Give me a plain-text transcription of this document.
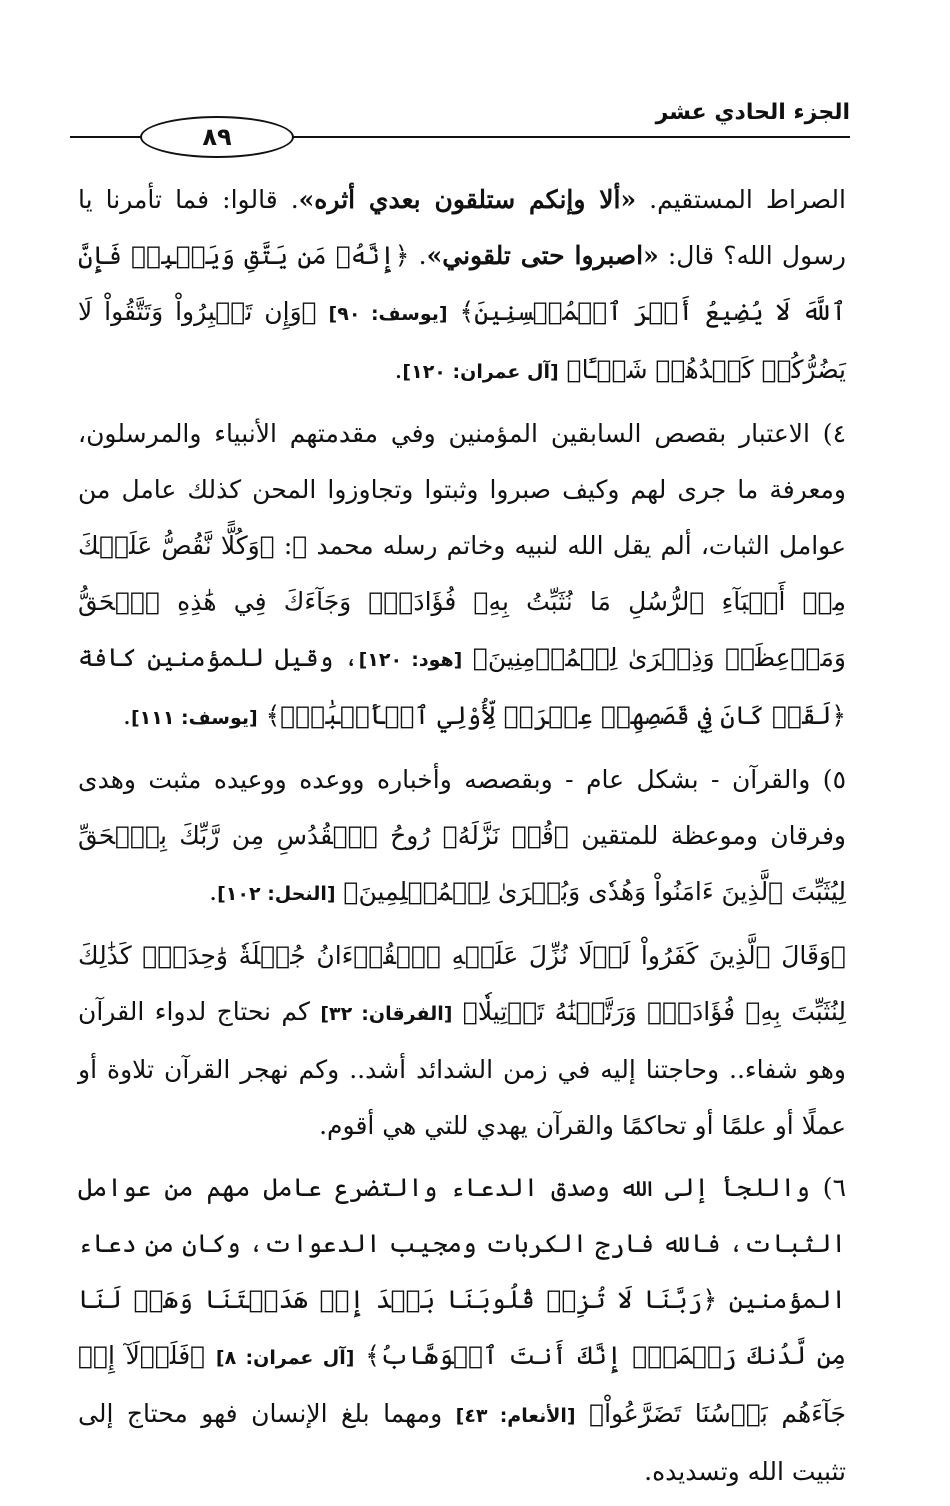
الجزء الحادي عشر
٨٩

الصراط المستقيم. «ألا وإنكم ستلقون بعدي أثره». قالوا: فما تأمرنا يا رسول الله؟ قال: «اصبروا حتى تلقوني». ﴿إِنَّهُۥ مَن يَتَّقِ وَيَصۡبِرۡ فَإِنَّ ٱللَّهَ لَا يُضِيعُ أَجۡرَ ٱلۡمُحۡسِنِينَ﴾ [يوسف: ٩٠] ﴿وَإِن تَصۡبِرُواْ وَتَتَّقُواْ لَا يَضُرُّكُمۡ كَيۡدُهُمۡ شَيۡـًٔا﴾ [آل عمران: ١٢٠].

٤) الاعتبار بقصص السابقين المؤمنين وفي مقدمتهم الأنبياء والمرسلون، ومعرفة ما جرى لهم وكيف صبروا وثبتوا وتجاوزوا المحن كذلك عامل من عوامل الثبات، ألم يقل الله لنبيه وخاتم رسله محمد ﷺ: ﴿وَكُلًّا نَّقُصُّ عَلَيۡكَ مِنۡ أَنۢبَآءِ ٱلرُّسُلِ مَا نُثَبِّتُ بِهِۦ فُؤَادَكَۚ وَجَآءَكَ فِي هَٰذِهِ ٱلۡحَقُّ وَمَوۡعِظَةٞ وَذِكۡرَىٰ لِلۡمُؤۡمِنِينَ﴾ [هود: ١٢٠]، وقيل للمؤمنين كافة ﴿لَقَدۡ كَانَ فِي قَصَصِهِمۡ عِبۡرَةٞ لِّأُوْلِي ٱلۡأَلۡبَٰبِۗ﴾ [يوسف: ١١١].

٥) والقرآن - بشكل عام - وبقصصه وأخباره ووعده ووعيده مثبت وهدى وفرقان وموعظة للمتقين ﴿قُلۡ نَزَّلَهُۥ رُوحُ ٱلۡقُدُسِ مِن رَّبِّكَ بِٱلۡحَقِّ لِيُثَبِّتَ ٱلَّذِينَ ءَامَنُواْ وَهُدٗى وَبُشۡرَىٰ لِلۡمُسۡلِمِينَ﴾ [النحل: ١٠٢].

﴿وَقَالَ ٱلَّذِينَ كَفَرُواْ لَوۡلَا نُزِّلَ عَلَيۡهِ ٱلۡقُرۡءَانُ جُمۡلَةٗ وَٰحِدَةٗۚ كَذَٰلِكَ لِنُثَبِّتَ بِهِۦ فُؤَادَكَۖ وَرَتَّلۡنَٰهُ تَرۡتِيلٗا﴾ [الفرقان: ٣٢] كم نحتاج لدواء القرآن وهو شفاء.. وحاجتنا إليه في زمن الشدائد أشد.. وكم نهجر القرآن تلاوة أو عملًا أو علمًا أو تحاكمًا والقرآن يهدي للتي هي أقوم.

٦) واللجأ إلى الله وصدق الدعاء والتضرع عامل مهم من عوامل الثبات، فالله فارج الكربات ومجيب الدعوات، وكان من دعاء المؤمنين ﴿رَبَّنَا لَا تُزِغۡ قُلُوبَنَا بَعۡدَ إِذۡ هَدَيۡتَنَا وَهَبۡ لَنَا مِن لَّدُنكَ رَحۡمَةًۚ إِنَّكَ أَنتَ ٱلۡوَهَّابُ﴾ [آل عمران: ٨] ﴿فَلَوۡلَآ إِذۡ جَآءَهُم بَأۡسُنَا تَضَرَّعُواْ﴾ [الأنعام: ٤٣] ومهما بلغ الإنسان فهو محتاج إلى تثبيت الله وتسديده.
